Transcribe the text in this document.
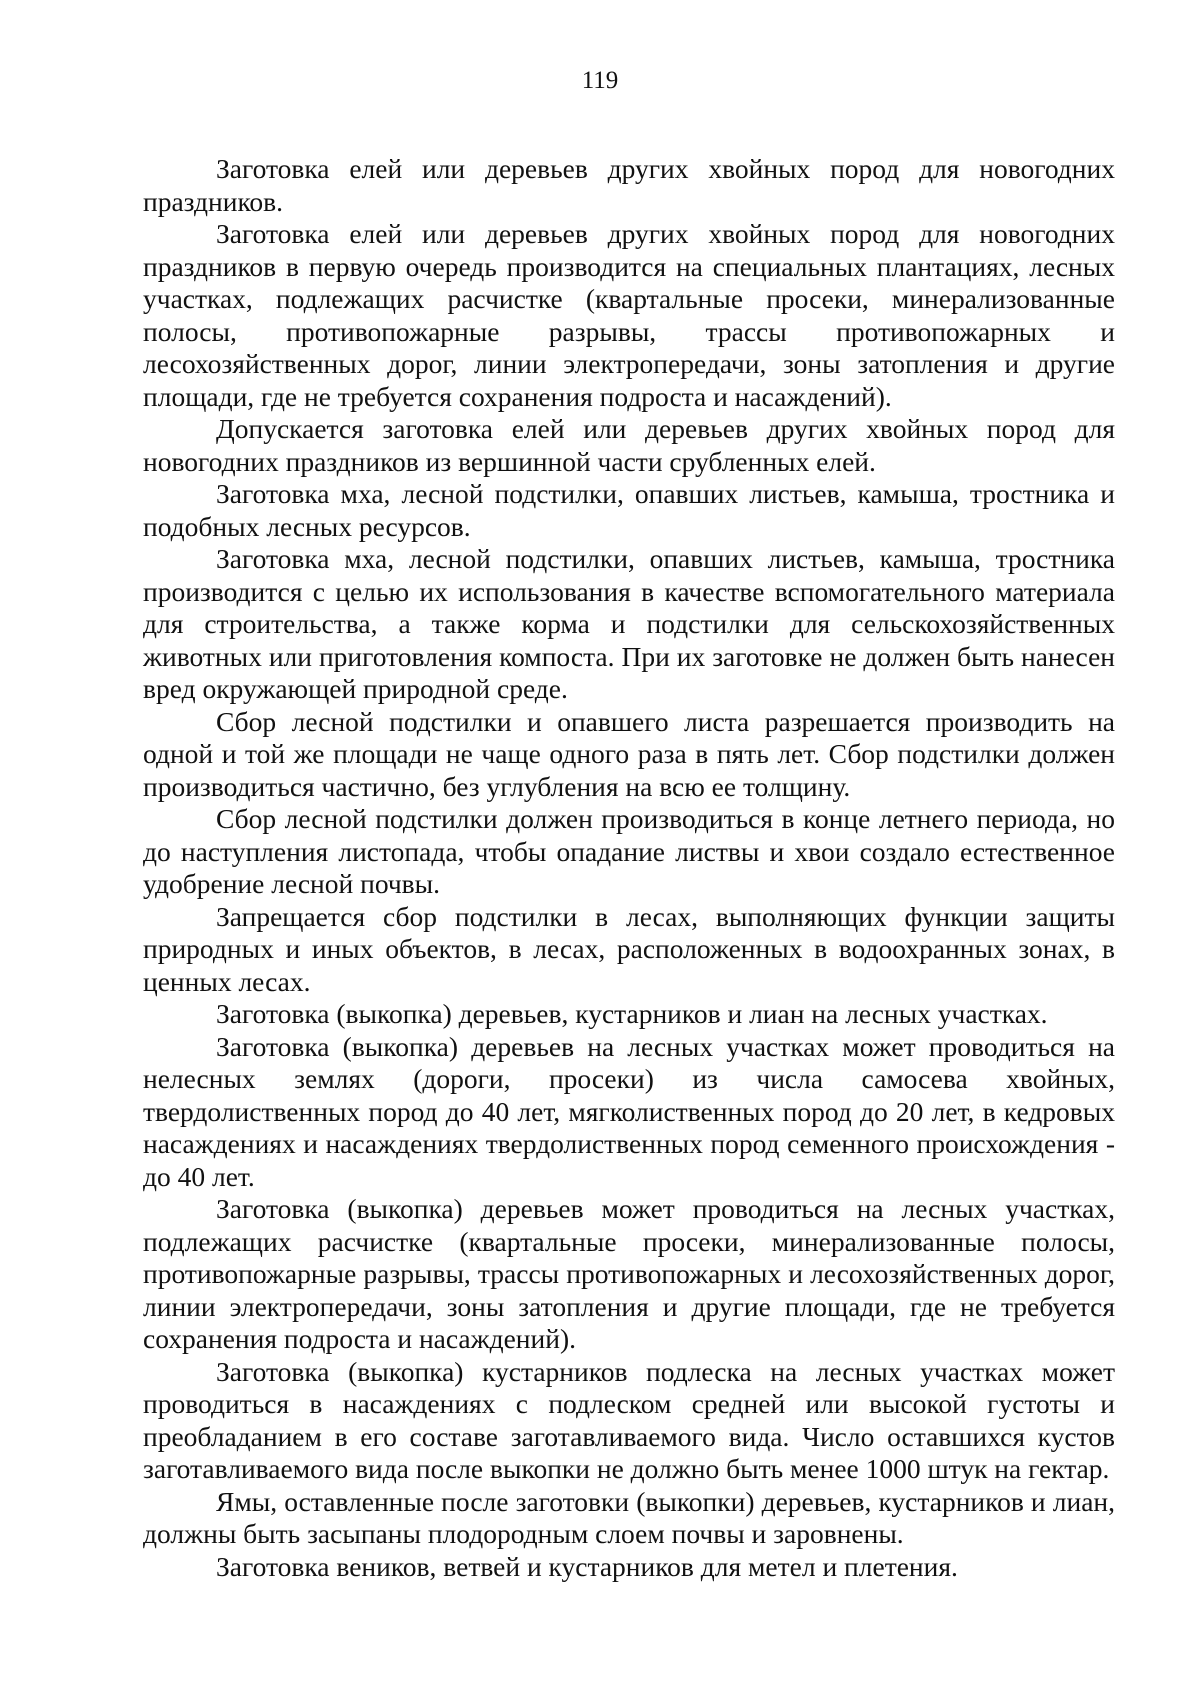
119

Заготовка елей или деревьев других хвойных пород для новогодних праздников.

Заготовка елей или деревьев других хвойных пород для новогодних праздников в первую очередь производится на специальных плантациях, лесных участках, подлежащих расчистке (квартальные просеки, минерализованные полосы, противопожарные разрывы, трассы противопожарных и лесохозяйственных дорог, линии электропередачи, зоны затопления и другие площади, где не требуется сохранения подроста и насаждений).

Допускается заготовка елей или деревьев других хвойных пород для новогодних праздников из вершинной части срубленных елей.

Заготовка мха, лесной подстилки, опавших листьев, камыша, тростника и подобных лесных ресурсов.

Заготовка мха, лесной подстилки, опавших листьев, камыша, тростника производится с целью их использования в качестве вспомогательного материала для строительства, а также корма и подстилки для сельскохозяйственных животных или приготовления компоста. При их заготовке не должен быть нанесен вред окружающей природной среде.

Сбор лесной подстилки и опавшего листа разрешается производить на одной и той же площади не чаще одного раза в пять лет. Сбор подстилки должен производиться частично, без углубления на всю ее толщину.

Сбор лесной подстилки должен производиться в конце летнего периода, но до наступления листопада, чтобы опадание листвы и хвои создало естественное удобрение лесной почвы.

Запрещается сбор подстилки в лесах, выполняющих функции защиты природных и иных объектов, в лесах, расположенных в водоохранных зонах, в ценных лесах.

Заготовка (выкопка) деревьев, кустарников и лиан на лесных участках.

Заготовка (выкопка) деревьев на лесных участках может проводиться на нелесных землях (дороги, просеки) из числа самосева хвойных, твердолиственных пород до 40 лет, мягколиственных пород до 20 лет, в кедровых насаждениях и насаждениях твердолиственных пород семенного происхождения - до 40 лет.

Заготовка (выкопка) деревьев может проводиться на лесных участках, подлежащих расчистке (квартальные просеки, минерализованные полосы, противопожарные разрывы, трассы противопожарных и лесохозяйственных дорог, линии электропередачи, зоны затопления и другие площади, где не требуется сохранения подроста и насаждений).

Заготовка (выкопка) кустарников подлеска на лесных участках может проводиться в насаждениях с подлеском средней или высокой густоты и преобладанием в его составе заготавливаемого вида. Число оставшихся кустов заготавливаемого вида после выкопки не должно быть менее 1000 штук на гектар.

Ямы, оставленные после заготовки (выкопки) деревьев, кустарников и лиан, должны быть засыпаны плодородным слоем почвы и заровнены.

Заготовка веников, ветвей и кустарников для метел и плетения.
